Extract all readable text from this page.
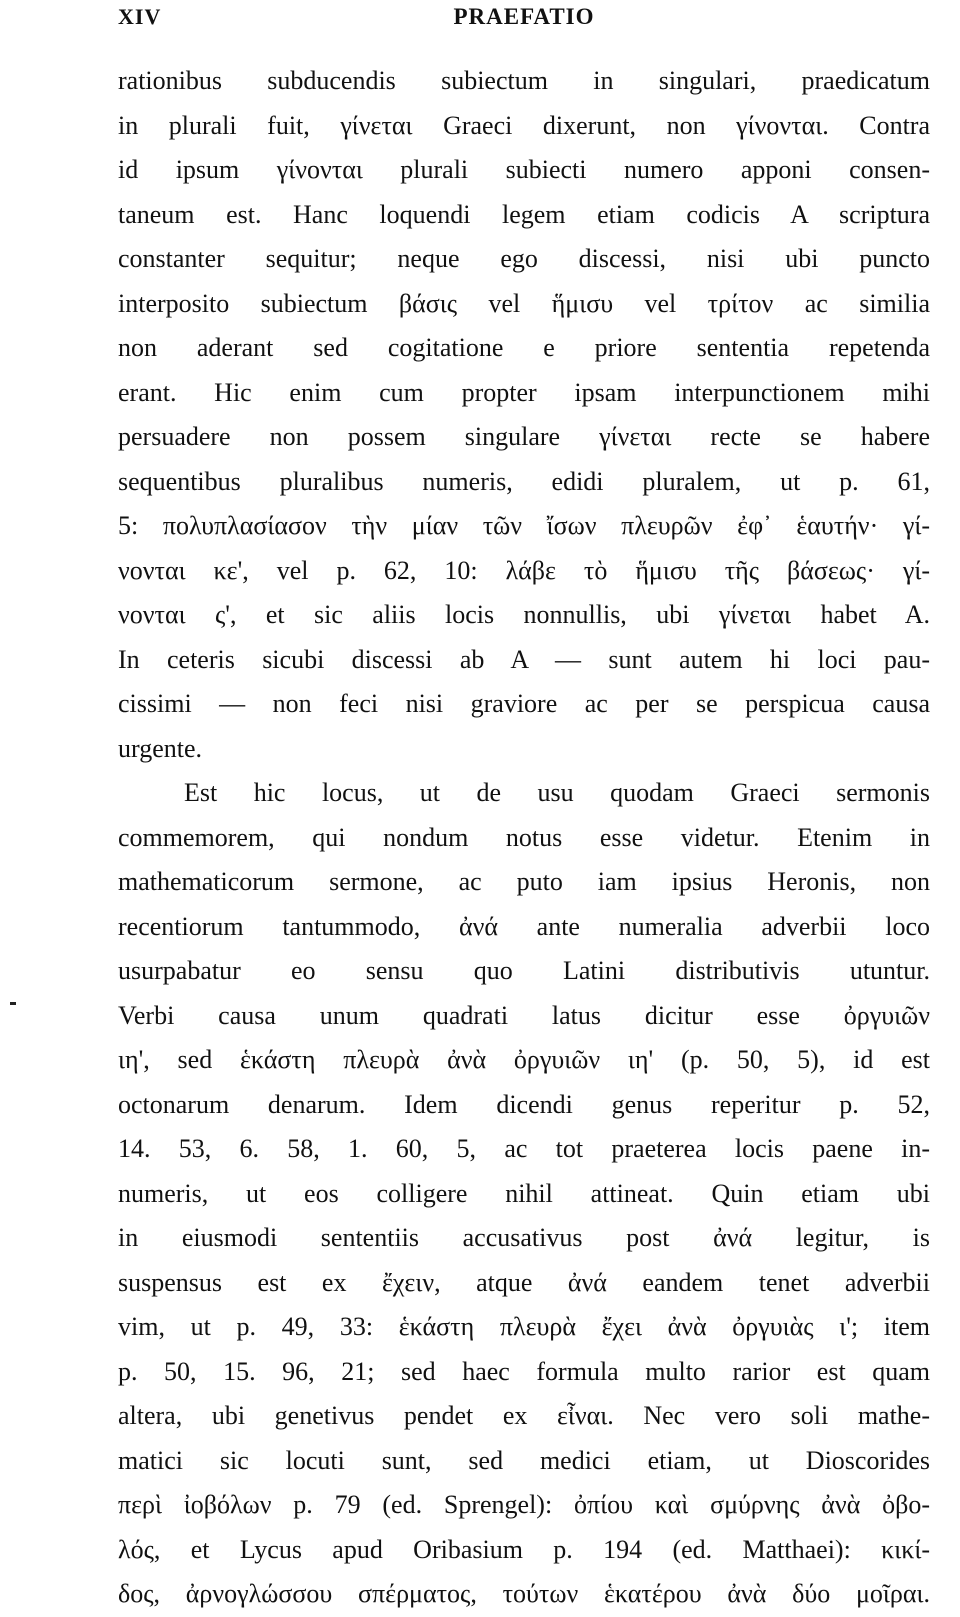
XIV	PRAEFATIO
rationibus subducendis subiectum in singulari, praedicatum
in plurali fuit, γίνεται Graeci dixerunt, non γίνονται. Contra
id ipsum γίνονται plurali subiecti numero apponi consen-
taneum est. Hanc loquendi legem etiam codicis A scriptura
constanter sequitur; neque ego discessi, nisi ubi puncto
interposito subiectum βάσις vel ἥμισυ vel τρίτον ac similia
non aderant sed cogitatione e priore sententia repetenda
erant. Hic enim cum propter ipsam interpunctionem mihi
persuadere non possem singulare γίνεται recte se habere
sequentibus pluralibus numeris, edidi pluralem, ut p. 61,
5: πολυπλασίασον τὴν μίαν τῶν ἴσων πλευρῶν ἐφ᾽ ἑαυτήν· γί-
νονται κε', vel p. 62, 10: λάβε τὸ ἥμισυ τῆς βάσεως· γί-
νονται ς', et sic aliis locis nonnullis, ubi γίνεται habet A.
In ceteris sicubi discessi ab A — sunt autem hi loci pau-
cissimi — non feci nisi graviore ac per se perspicua causa
urgente.
Est hic locus, ut de usu quodam Graeci sermonis
commemorem, qui nondum notus esse videtur. Etenim in
mathematicorum sermone, ac puto iam ipsius Heronis, non
recentiorum tantummodo, ἀνά ante numeralia adverbii loco
usurpabatur eo sensu quo Latini distributivis utuntur.
Verbi causa unum quadrati latus dicitur esse ὀργυιῶν
ιη', sed ἑκάστη πλευρὰ ἀνὰ ὀργυιῶν ιη' (p. 50, 5), id est
octonarum denarum. Idem dicendi genus reperitur p. 52,
14. 53, 6. 58, 1. 60, 5, ac tot praeterea locis paene in-
numeris, ut eos colligere nihil attineat. Quin etiam ubi
in eiusmodi sententiis accusativus post ἀνά legitur, is
suspensus est ex ἔχειν, atque ἀνά eandem tenet adverbii
vim, ut p. 49, 33: ἑκάστη πλευρὰ ἔχει ἀνὰ ὀργυιὰς ι'; item
p. 50, 15. 96, 21; sed haec formula multo rarior est quam
altera, ubi genetivus pendet ex εἶναι. Nec vero soli mathe-
matici sic locuti sunt, sed medici etiam, ut Dioscorides
περὶ ἰοβόλων p. 79 (ed. Sprengel): ὀπίου καὶ σμύρνης ἀνὰ ὀβο-
λός, et Lycus apud Oribasium p. 194 (ed. Matthaei): κικί-
δος, ἀρνογλώσσου σπέρματος, τούτων ἑκατέρου ἀνὰ δύο μοῖραι.
